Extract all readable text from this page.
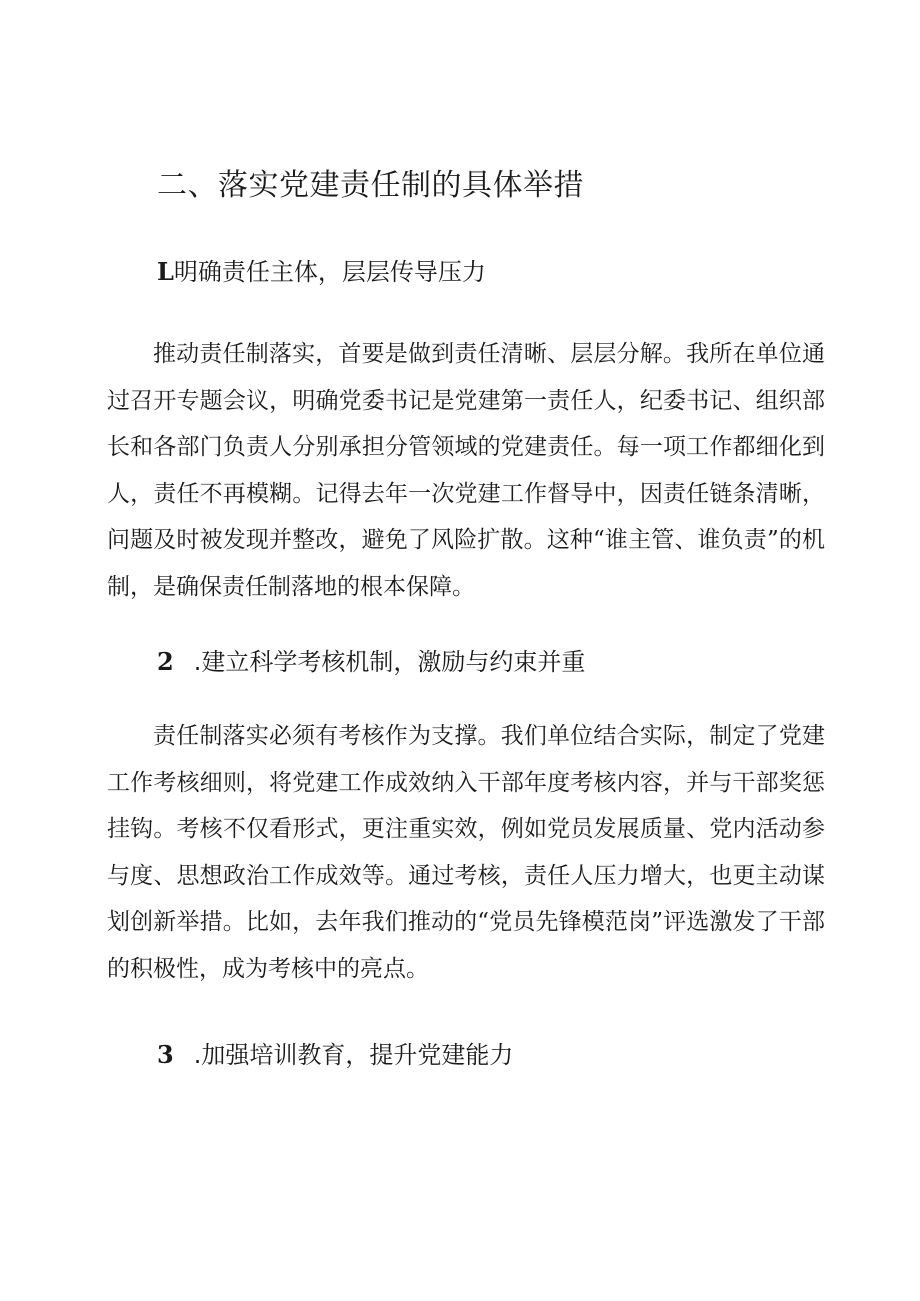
二、落实党建责任制的具体举措
L明确责任主体，层层传导压力

推动责任制落实，首要是做到责任清晰、层层分解。我所在单位通过召开专题会议，明确党委书记是党建第一责任人，纪委书记、组织部长和各部门负责人分别承担分管领域的党建责任。每一项工作都细化到人，责任不再模糊。记得去年一次党建工作督导中，因责任链条清晰，问题及时被发现并整改，避免了风险扩散。这种“谁主管、谁负责”的机制，是确保责任制落地的根本保障。

2 .建立科学考核机制，激励与约束并重

责任制落实必须有考核作为支撑。我们单位结合实际，制定了党建工作考核细则，将党建工作成效纳入干部年度考核内容，并与干部奖惩挂钩。考核不仅看形式，更注重实效，例如党员发展质量、党内活动参与度、思想政治工作成效等。通过考核，责任人压力增大，也更主动谋划创新举措。比如，去年我们推动的“党员先锋模范岗”评选激发了干部的积极性，成为考核中的亮点。

3 .加强培训教育，提升党建能力
